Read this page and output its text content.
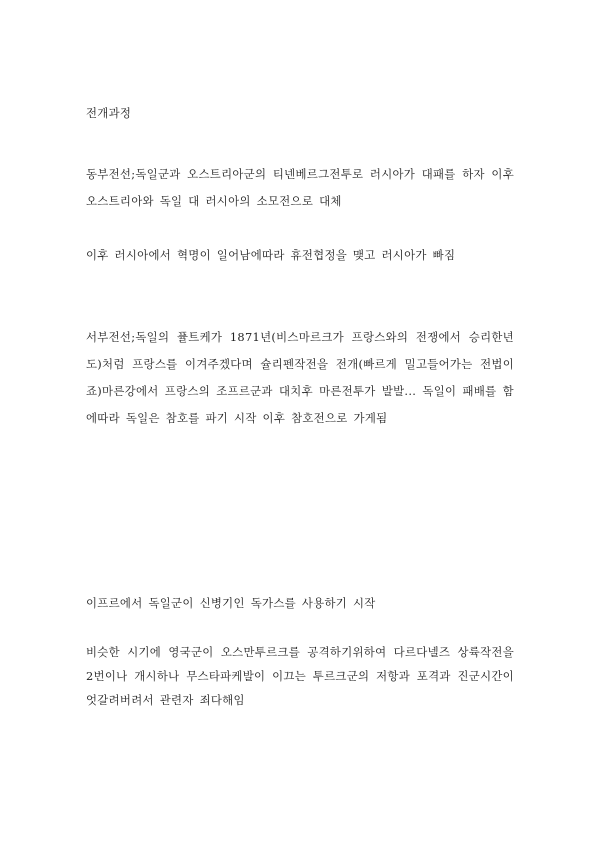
전개과정
동부전선;독일군과 오스트리아군의 티넨베르그전투로 러시아가 대패를 하자 이후 오스트리아와 독일 대 러시아의 소모전으로 대체
이후 러시아에서 혁명이 일어남에따라 휴전협정을 맺고 러시아가 빠짐
서부전선;독일의 퓰트케가 1871년(비스마르크가 프랑스와의 전쟁에서 승리한년도)처럼 프랑스를 이겨주겠다며 슐리펜작전을 전개(빠르게 밀고들어가는 전법이죠)마른강에서 프랑스의 조프르군과 대치후 마른전투가 발발... 독일이 패배를 함에따라 독일은 참호를 파기 시작 이후 참호전으로 가게됨
이프르에서 독일군이 신병기인 독가스를 사용하기 시작
비슷한 시기에 영국군이 오스만투르크를 공격하기위하여 다르다넬즈 상륙작전을 2번이나 개시하나 무스타파케발이 이끄는 투르크군의 저항과 포격과 진군시간이 엇갈려버려서 관련자 죄다해임
